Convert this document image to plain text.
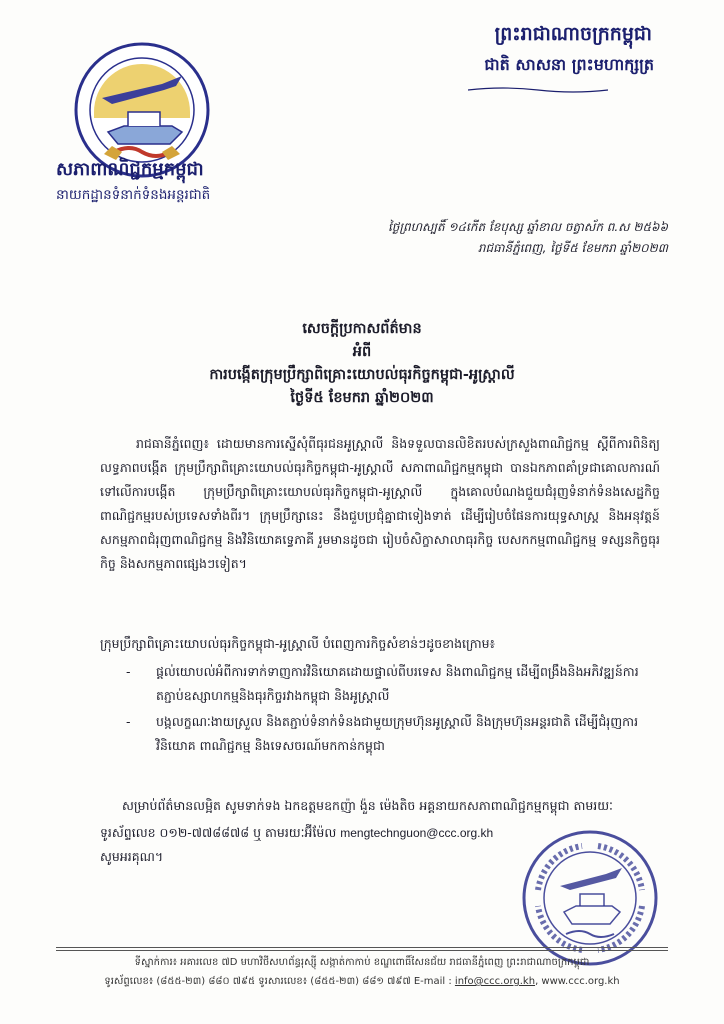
សភាពាណិជ្ជកម្មកម្ពុជា
នាយកដ្ឋានទំនាក់ទំនងអន្តរជាតិ
ព្រះរាជាណាចក្រកម្ពុជា
ជាតិ សាសនា ព្រះមហាក្សត្រ
ថ្ងៃព្រហស្បតិ៍ ១៤កើត ខែបុស្ស ឆ្នាំខាល ចត្វាស័ក ព.ស ២៥៦៦
រាជធានីភ្នំពេញ, ថ្ងៃទី៥ ខែមករា ឆ្នាំ២០២៣
សេចក្តីប្រកាសព័ត៌មាន
អំពី
ការបង្កើតក្រុមប្រឹក្សាពិគ្រោះយោបល់ធុរកិច្ចកម្ពុជា-អូស្ត្រាលី
ថ្ងៃទី៥ ខែមករា ឆ្នាំ២០២៣
រាជធានីភ្នំពេញ៖ ដោយមានការស្នើសុំពីធុរជនអូស្ត្រាលី និងទទួលបានលិខិតរបស់ក្រសួងពាណិជ្ជកម្ម ស្តីពីការពិនិត្យលទ្ធភាពបង្កើត ក្រុមប្រឹក្សាពិគ្រោះយោបល់ធុរកិច្ចកម្ពុជា-អូស្ត្រាលី សភាពាណិជ្ជកម្មកម្ពុជា បានឯកភាពគាំទ្រជាគោលការណ៍ទៅលើការបង្កើត ក្រុមប្រឹក្សាពិគ្រោះយោបល់ធុរកិច្ចកម្ពុជា-អូស្ត្រាលី ក្នុងគោលបំណងជួយជំរុញទំនាក់ទំនងសេដ្ឋកិច្ច ពាណិជ្ជកម្មរបស់ប្រទេសទាំងពីរ។ ក្រុមប្រឹក្សានេះ នឹងជួបប្រជុំគ្នាជាទៀងទាត់ ដើម្បីរៀបចំផែនការយុទ្ធសាស្ត្រ និងអនុវត្តន៍សកម្មភាពជំរុញពាណិជ្ជកម្ម និងវិនិយោគទ្វេភាគី រួមមានដូចជា រៀបចំសិក្ខាសាលាធុរកិច្ច បេសកកម្មពាណិជ្ជកម្ម ទស្សនកិច្ចធុរកិច្ច និងសកម្មភាពផ្សេងៗទៀត។
ក្រុមប្រឹក្សាពិគ្រោះយោបល់ធុរកិច្ចកម្ពុជា-អូស្ត្រាលី បំពេញការកិច្ចសំខាន់ៗដូចខាងក្រោម៖
- ផ្តល់យោបល់អំពីការទាក់ទាញការវិនិយោគដោយផ្ទាល់ពីបរទេស និងពាណិជ្ជកម្ម ដើម្បីពង្រឹងនិងអភិវឌ្ឍន៍ការតភ្ជាប់ឧស្សាហកម្មនិងធុរកិច្ចរវាងកម្ពុជា និងអូស្ត្រាលី
- បង្កលក្ខណៈងាយស្រួល និងតភ្ជាប់ទំនាក់ទំនងជាមួយក្រុមហ៊ុនអូស្ត្រាលី និងក្រុមហ៊ុនអន្តរជាតិ ដើម្បីជំរុញការវិនិយោគ ពាណិជ្ជកម្ម និងទេសចរណ៍មកកាន់កម្ពុជា
សម្រាប់ព័ត៌មានលម្អិត សូមទាក់ទង ឯកឧត្តមឧកញ៉ា ង៉ួន ម៉េងតិច អគ្គនាយកសភាពាណិជ្ជកម្មកម្ពុជា តាមរយៈទូរស័ព្ទលេខ ០១២-៧៧៨៨៧៨ ឬ តាមរយៈអ៊ីម៉ែល mengtechnguon@ccc.org.kh
សូមអរគុណ។
ទីស្នាក់ការ៖ អគារលេខ ៧D មហាវិថីសហព័ន្ធរុស្ស៊ី សង្កាត់កាកាប់ ខណ្ឌពោធិ៍សែនជ័យ រាជធានីភ្នំពេញ ព្រះរាជាណាចក្រកម្ពុជា
ទូរស័ព្ទលេខ៖ (៨៥៥-២៣) ៨៨០ ៧៩៥ ទូរសារលេខ៖ (៨៥៥-២៣) ៨៨១ ៧៩៧ E-mail : info@ccc.org.kh, www.ccc.org.kh
